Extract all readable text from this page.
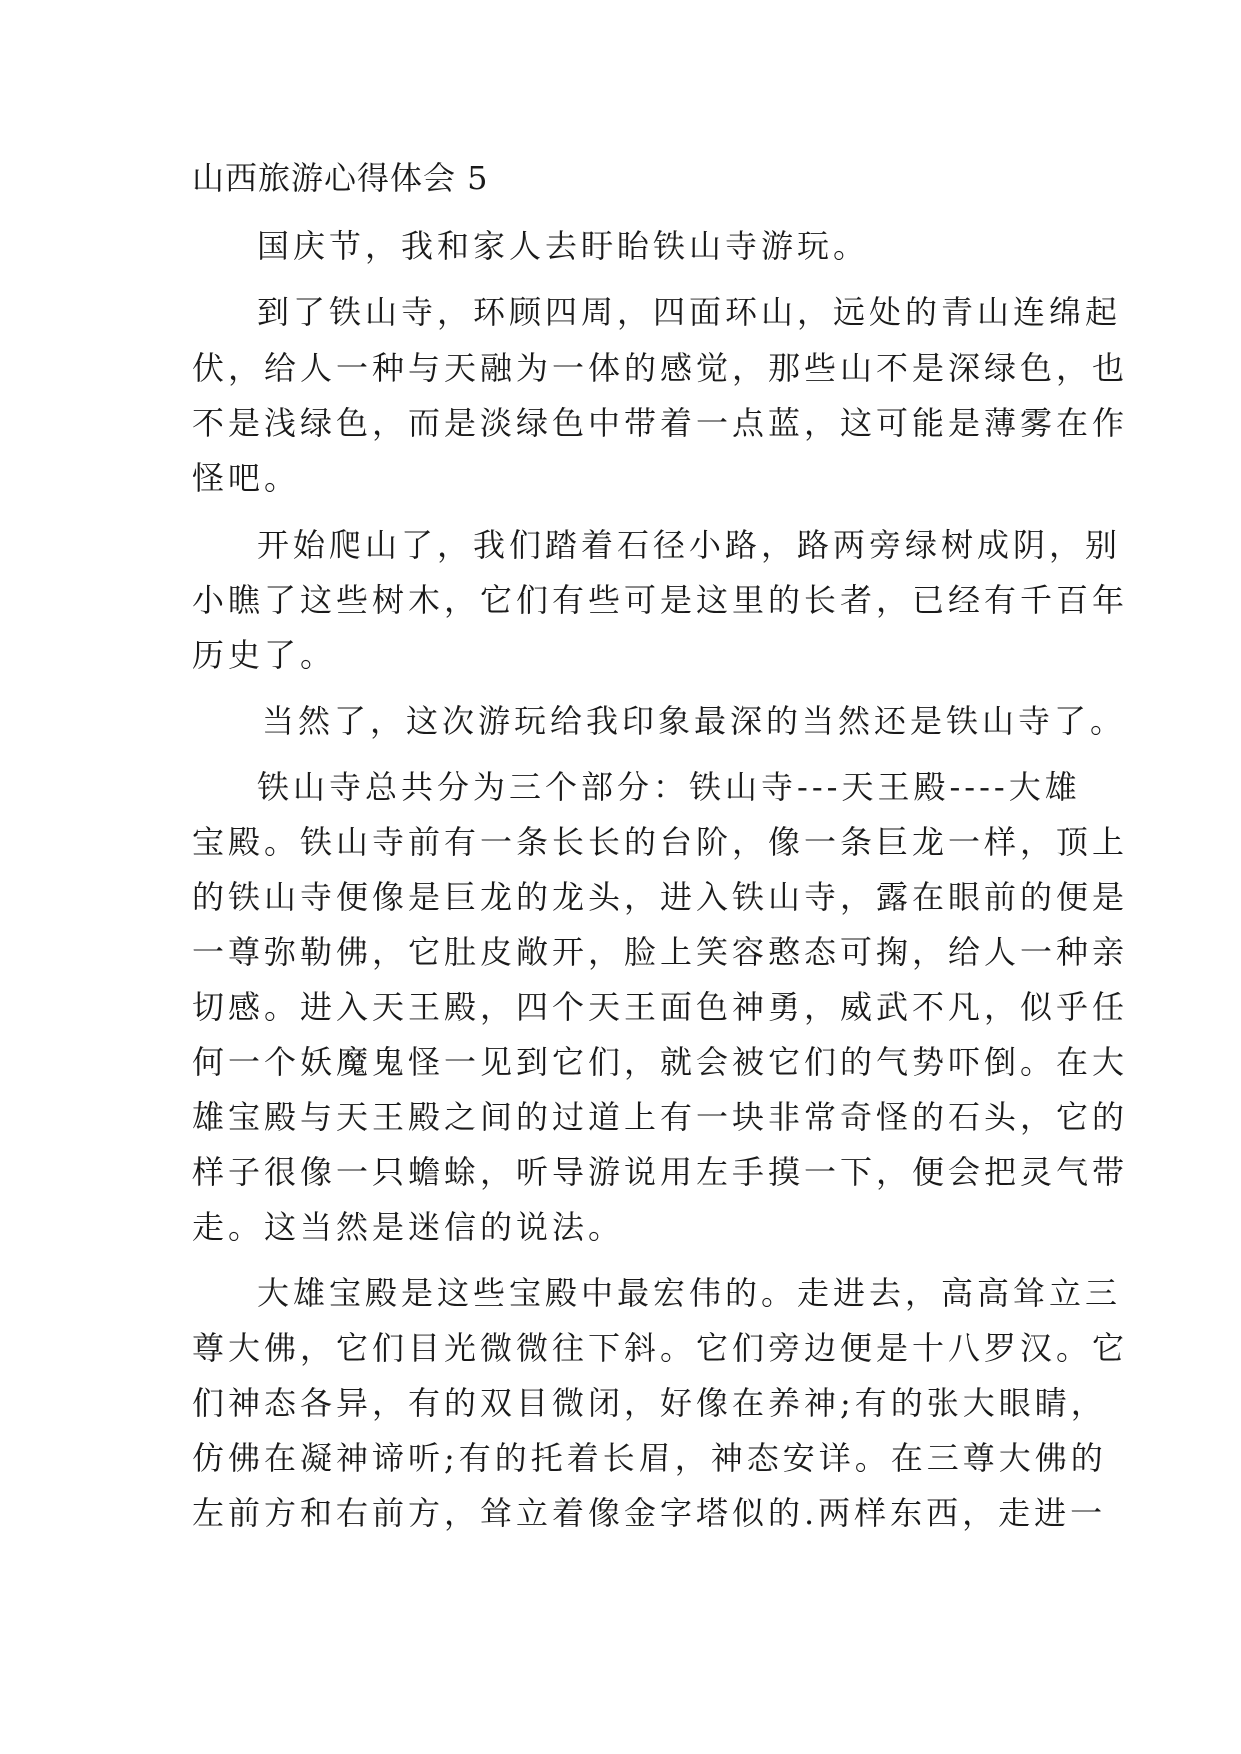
山西旅游心得体会 5
国庆节，我和家人去盱眙铁山寺游玩。
到了铁山寺，环顾四周，四面环山，远处的青山连绵起
伏，给人一种与天融为一体的感觉，那些山不是深绿色，也
不是浅绿色，而是淡绿色中带着一点蓝，这可能是薄雾在作
怪吧。
开始爬山了，我们踏着石径小路，路两旁绿树成阴，别
小瞧了这些树木，它们有些可是这里的长者，已经有千百年
历史了。
当然了，这次游玩给我印象最深的当然还是铁山寺了。
铁山寺总共分为三个部分：铁山寺---天王殿----大雄
宝殿。铁山寺前有一条长长的台阶，像一条巨龙一样，顶上
的铁山寺便像是巨龙的龙头，进入铁山寺，露在眼前的便是
一尊弥勒佛，它肚皮敞开，脸上笑容憨态可掬，给人一种亲
切感。进入天王殿，四个天王面色神勇，威武不凡，似乎任
何一个妖魔鬼怪一见到它们，就会被它们的气势吓倒。在大
雄宝殿与天王殿之间的过道上有一块非常奇怪的石头，它的
样子很像一只蟾蜍，听导游说用左手摸一下，便会把灵气带
走。这当然是迷信的说法。
大雄宝殿是这些宝殿中最宏伟的。走进去，高高耸立三
尊大佛，它们目光微微往下斜。它们旁边便是十八罗汉。它
们神态各异，有的双目微闭，好像在养神;有的张大眼睛，
仿佛在凝神谛听;有的托着长眉，神态安详。在三尊大佛的
左前方和右前方，耸立着像金字塔似的.两样东西，走进一
